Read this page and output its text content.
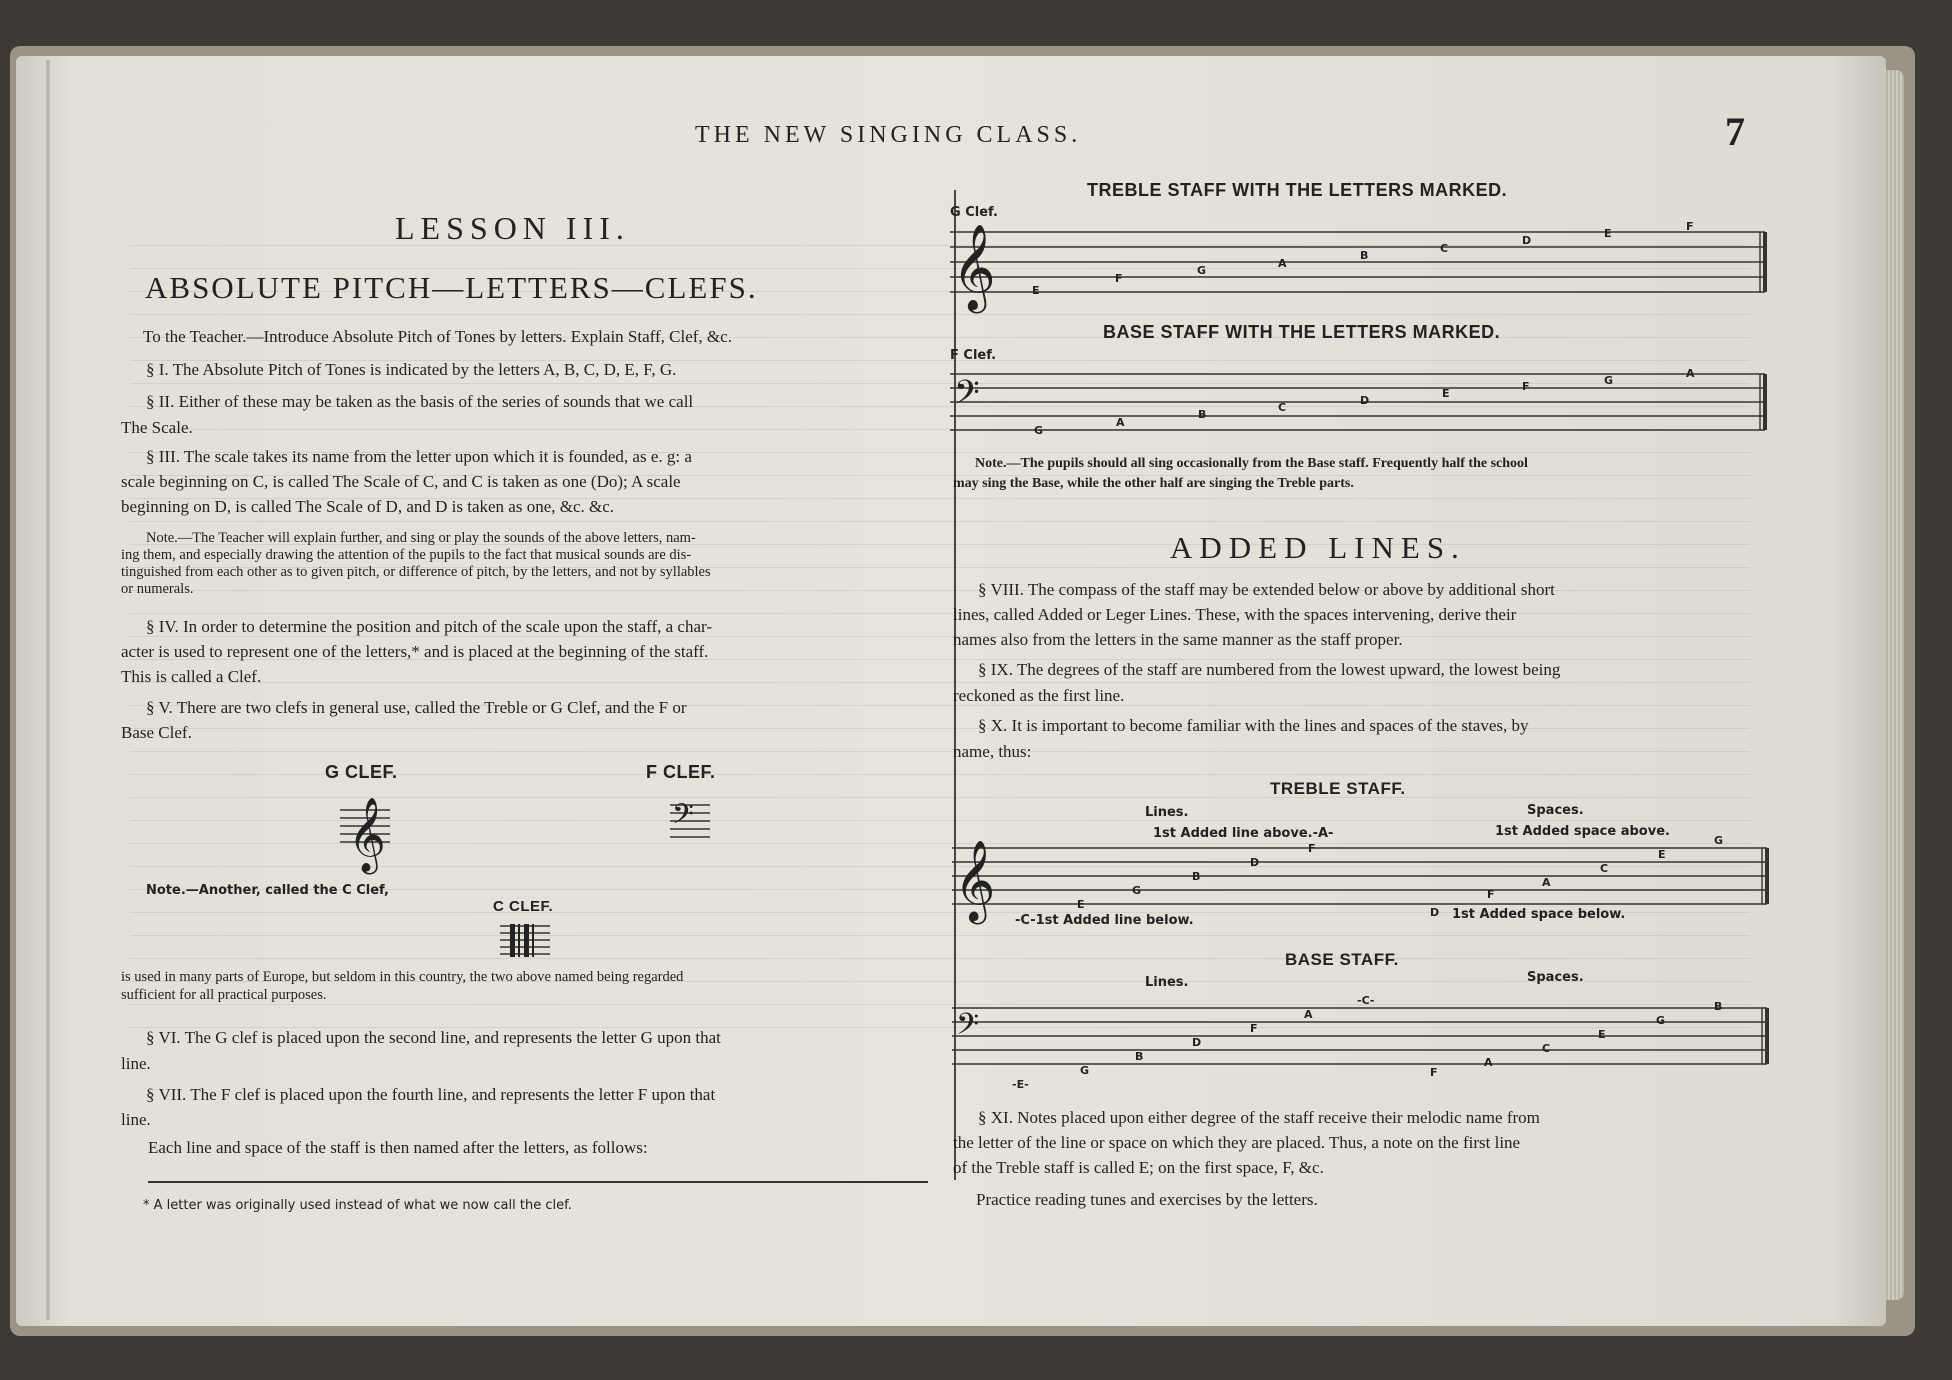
THE NEW SINGING CLASS.	7
LESSON III.
ABSOLUTE PITCH—LETTERS—CLEFS.
To the Teacher.—Introduce Absolute Pitch of Tones by letters. Explain Staff, Clef, &c.
§ I. The Absolute Pitch of Tones is indicated by the letters A, B, C, D, E, F, G.
§ II. Either of these may be taken as the basis of the series of sounds that we call
The Scale.
§ III. The scale takes its name from the letter upon which it is founded, as e. g: a
scale beginning on C, is called The Scale of C, and C is taken as one (Do); A scale
beginning on D, is called The Scale of D, and D is taken as one, &c. &c.
Note.—The Teacher will explain further, and sing or play the sounds of the above letters, nam-
ing them, and especially drawing the attention of the pupils to the fact that musical sounds are dis-
tinguished from each other as to given pitch, or difference of pitch, by the letters, and not by syllables
or numerals.
§ IV. In order to determine the position and pitch of the scale upon the staff, a char-
acter is used to represent one of the letters,* and is placed at the beginning of the staff.
This is called a Clef.
§ V. There are two clefs in general use, called the Treble or G Clef, and the F or
Base Clef.
G CLEF.	F CLEF.
𝄞	𝄢
Note.—Another, called the C Clef,
C CLEF.
is used in many parts of Europe, but seldom in this country, the two above named being regarded
sufficient for all practical purposes.
§ VI. The G clef is placed upon the second line, and represents the letter G upon that
line.
§ VII. The F clef is placed upon the fourth line, and represents the letter F upon that
line.
Each line and space of the staff is then named after the letters, as follows:
* A letter was originally used instead of what we now call the clef.
TREBLE STAFF WITH THE LETTERS MARKED.
G Clef.
𝄞	E
F
G
A
B
C
D
E
F
BASE STAFF WITH THE LETTERS MARKED.
F Clef.
𝄢
G
A
B
C
D
E
F	G
A
Note.—The pupils should all sing occasionally from the Base staff. Frequently half the school
may sing the Base, while the other half are singing the Treble parts.
ADDED LINES.
§ VIII. The compass of the staff may be extended below or above by additional short
lines, called Added or Leger Lines. These, with the spaces intervening, derive their
names also from the letters in the same manner as the staff proper.
§ IX. The degrees of the staff are numbered from the lowest upward, the lowest being
reckoned as the first line.
§ X. It is important to become familiar with the lines and spaces of the staves, by
name, thus:
TREBLE STAFF.
Lines.	Spaces.
1st Added line above.-A-	1st Added space above.
𝄞	E
G
B
D
F
F
A
C
E
G
D
-C-1st Added line below.	1st Added space below.
BASE STAFF.
Lines.	Spaces.
𝄢
-E-
G
B
D
F
A
-C-
F
A
C
E
G
B
§ XI. Notes placed upon either degree of the staff receive their melodic name from
the letter of the line or space on which they are placed. Thus, a note on the first line
of the Treble staff is called E; on the first space, F, &c.
Practice reading tunes and exercises by the letters.
